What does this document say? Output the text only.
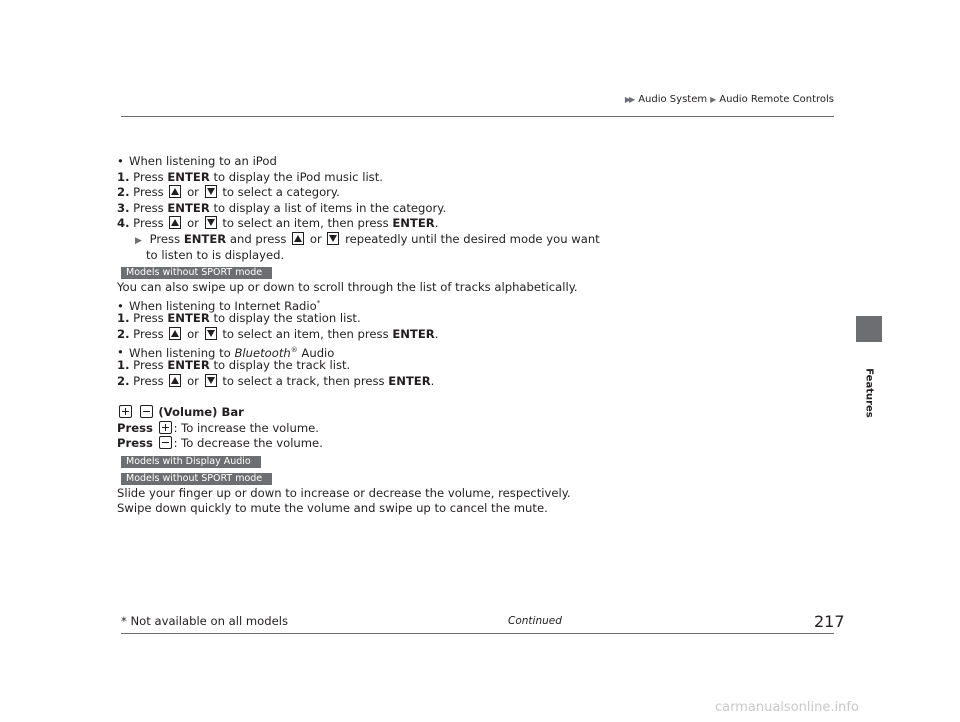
▶▶ Audio System ▶ Audio Remote Controls
Features
• When listening to an iPod
1. Press ENTER to display the iPod music list.
2. Press or to select a category.
3. Press ENTER to display a list of items in the category.
4. Press or to select an item, then press ENTER.
▶ Press ENTER and press or repeatedly until the desired mode you want
to listen to is displayed.
Models without SPORT mode
You can also swipe up or down to scroll through the list of tracks alphabetically.
• When listening to Internet Radio*
1. Press ENTER to display the station list.
2. Press or to select an item, then press ENTER.
• When listening to Bluetooth® Audio
1. Press ENTER to display the track list.
2. Press or to select a track, then press ENTER.
(Volume) Bar
Press : To increase the volume.
Press : To decrease the volume.
Models with Display Audio
Models without SPORT mode
Slide your finger up or down to increase or decrease the volume, respectively.
Swipe down quickly to mute the volume and swipe up to cancel the mute.
* Not available on all models	Continued	217
carmanualsonline.info
